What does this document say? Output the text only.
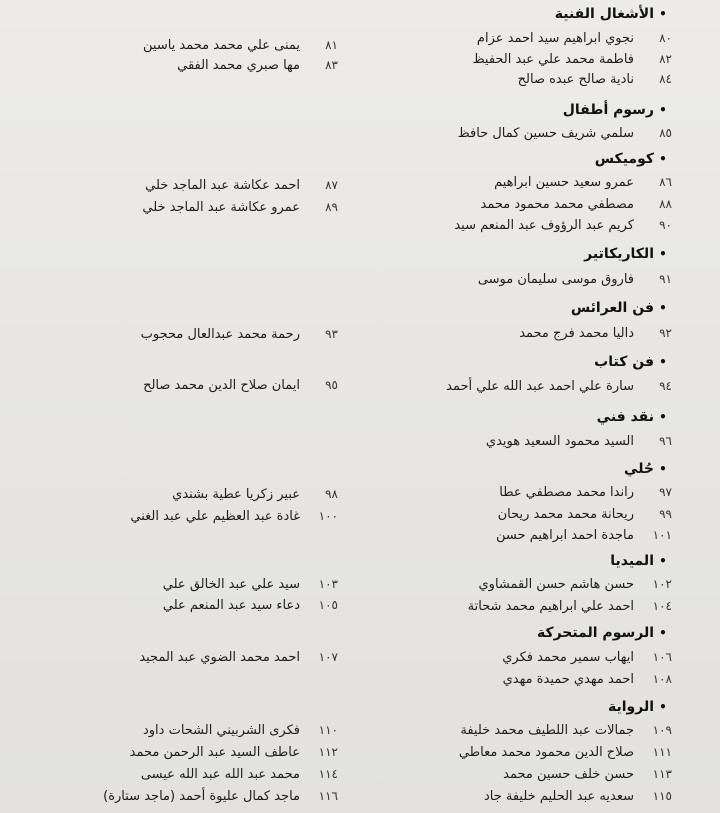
•الأشغال الفنية
٨٠نجوي ابراهيم سيد احمد عزام
٨١يمنى علي محمد محمد ياسين
٨٢فاطمة محمد علي عبد الحفيظ
٨٣مها صبري محمد الفقي
٨٤نادية صالح عبده صالح
•رسوم أطفال
٨٥سلمي شريف حسين كمال حافظ
•كوميكس
٨٦عمرو سعيد حسين ابراهيم
٨٧احمد عكاشة عبد الماجد خلي
٨٨مصطفي محمد محمود محمد
٨٩عمرو عكاشة عبد الماجد خلي
٩٠كريم عبد الرؤوف عبد المنعم سيد
•الكاريكاتير
٩١فاروق موسى سليمان موسى
•فن العرائس
٩٢داليا محمد فرج محمد
٩٣رحمة محمد عبدالعال محجوب
•فن كتاب
٩٤سارة علي احمد عبد الله علي أحمد
٩٥ايمان صلاح الدين محمد صالح
•نقد فني
٩٦السيد محمود السعيد هويدي
•حُلي
٩٧راندا محمد مصطفي عطا
٩٨عبير زكريا عطية بشندي
٩٩ريحانة محمد محمد ريحان
١٠٠غادة عبد العظيم علي عبد الغني
١٠١ماجدة احمد ابراهيم حسن
•الميديا
١٠٢حسن هاشم حسن القمشاوي
١٠٣سيد علي عبد الخالق علي
١٠٤احمد علي ابراهيم محمد شحاتة
١٠٥دعاء سيد عبد المنعم علي
•الرسوم المتحركة
١٠٦ايهاب سمير محمد فكري
١٠٧احمد محمد الضوي عبد المجيد
١٠٨احمد مهدي حميدة مهدي
•الرواية
١٠٩جمالات عبد اللطيف محمد خليفة
١١٠فكرى الشربيني الشحات داود
١١١صلاح الدين محمود محمد معاطي
١١٢عاطف السيد عبد الرحمن محمد
١١٣حسن خلف حسين محمد
١١٤محمد عبد الله عبد الله عيسى
١١٥سعديه عبد الحليم خليفة جاد
١١٦ماجد كمال عليوة أحمد (ماجد ستارة)
